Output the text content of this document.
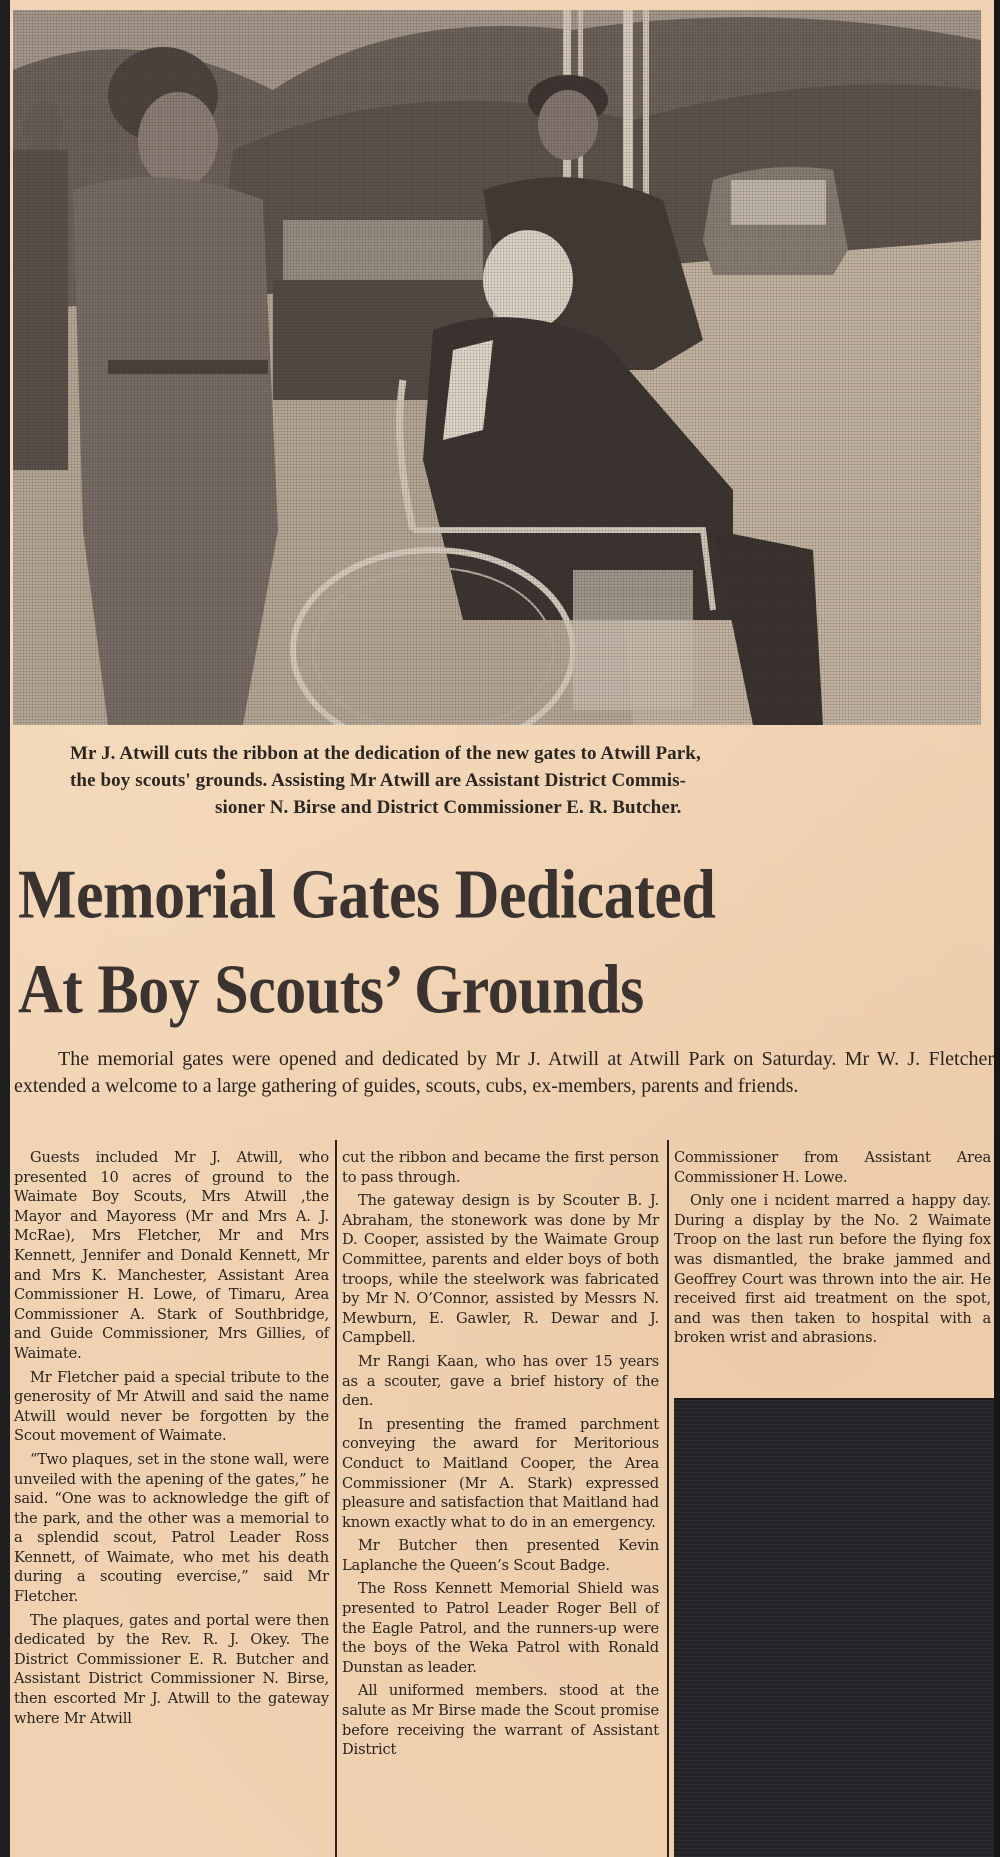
Mr J. Atwill cuts the ribbon at the dedication of the new gates to Atwill Park,
the boy scouts' grounds. Assisting Mr Atwill are Assistant District Commis-
sioner N. Birse and District Commissioner E. R. Butcher.
Memorial Gates Dedicated
At Boy Scouts’ Grounds

The memorial gates were opened and dedicated by Mr J. Atwill at Atwill Park on Saturday. Mr W. J. Fletcher extended a welcome to a large gathering of guides, scouts, cubs, ex-members, parents and friends.

Guests included Mr J. Atwill, who presented 10 acres of ground to the Waimate Boy Scouts, Mrs Atwill ,the Mayor and Mayoress (Mr and Mrs A. J. McRae), Mrs Fletcher, Mr and Mrs Kennett, Jennifer and Donald Kennett, Mr and Mrs K. Manchester, Assistant Area Commissioner H. Lowe, of Timaru, Area Commissioner A. Stark of Southbridge, and Guide Commissioner, Mrs Gillies, of Waimate.

Mr Fletcher paid a special tribute to the generosity of Mr Atwill and said the name Atwill would never be forgotten by the Scout movement of Waimate.

“Two plaques, set in the stone wall, were unveiled with the apening of the gates,” he said. “One was to acknowledge the gift of the park, and the other was a memorial to a splendid scout, Patrol Leader Ross Kennett, of Waimate, who met his death during a scouting evercise,” said Mr Fletcher.

The plaques, gates and portal were then dedicated by the Rev. R. J. Okey. The District Commissioner E. R. Butcher and Assistant District Commissioner N. Birse, then escorted Mr J. Atwill to the gateway where Mr Atwill

cut the ribbon and became the first person to pass through.

The gateway design is by Scouter B. J. Abraham, the stonework was done by Mr D. Cooper, assisted by the Waimate Group Committee, parents and elder boys of both troops, while the steelwork was fabricated by Mr N. O’Connor, assisted by Messrs N. Mewburn, E. Gawler, R. Dewar and J. Campbell.

Mr Rangi Kaan, who has over 15 years as a scouter, gave a brief history of the den.

In presenting the framed parchment conveying the award for Meritorious Conduct to Maitland Cooper, the Area Commissioner (Mr A. Stark) expressed pleasure and satisfaction that Maitland had known exactly what to do in an emergency.

Mr Butcher then presented Kevin Laplanche the Queen’s Scout Badge.

The Ross Kennett Memorial Shield was presented to Patrol Leader Roger Bell of the Eagle Patrol, and the runners-up were the boys of the Weka Patrol with Ronald Dunstan as leader.

All uniformed members. stood at the salute as Mr Birse made the Scout promise before receiving the warrant of Assistant District

Commissioner from Assistant Area Commissioner H. Lowe.

Only one i ncident marred a happy day. During a display by the No. 2 Waimate Troop on the last run before the flying fox was dismantled, the brake jammed and Geoffrey Court was thrown into the air. He received first aid treatment on the spot, and was then taken to hospital with a broken wrist and abrasions.
